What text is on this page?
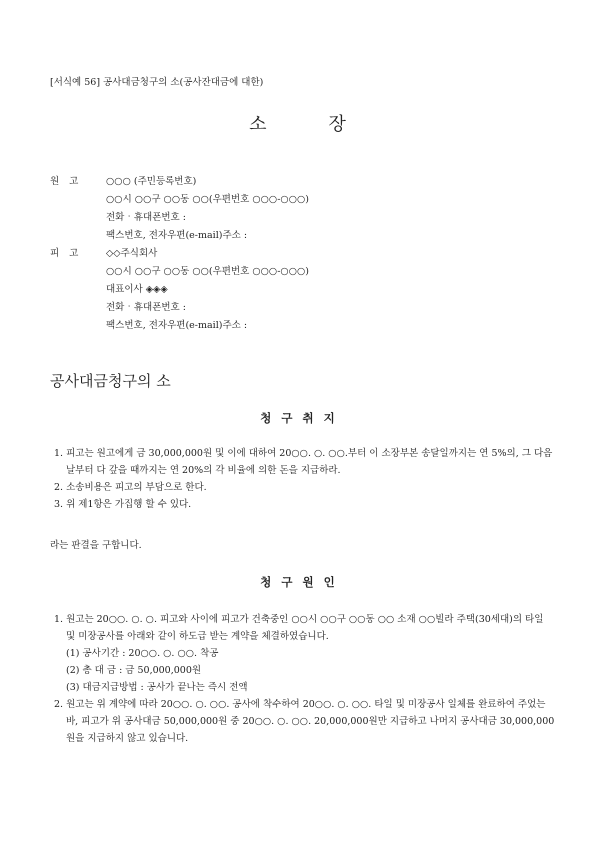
[서식예 56] 공사대금청구의 소(공사잔대금에 대한)
소장
원고 ○○○ (주민등록번호)
○○시 ○○구 ○○동 ○○(우편번호 ○○○-○○○)
전화‧휴대폰번호 :
팩스번호, 전자우편(e-mail)주소 :
피고 ◇◇주식회사
○○시 ○○구 ○○동 ○○(우편번호 ○○○-○○○)
대표이사 ◈◈◈
전화‧휴대폰번호 :
팩스번호, 전자우편(e-mail)주소 :
공사대금청구의 소
청구취지
1. 피고는 원고에게 금 30,000,000원 및 이에 대하여 20○○. ○. ○○.부터 이 소장부본 송달일까지는 연 5%의, 그 다음날부터 다 갚을 때까지는 연 20%의 각 비율에 의한 돈을 지급하라.
2. 소송비용은 피고의 부담으로 한다.
3. 위 제1항은 가집행 할 수 있다.
라는 판결을 구합니다.
청구원인
1. 원고는 20○○. ○. ○. 피고와 사이에 피고가 건축중인 ○○시 ○○구 ○○동 ○○ 소재 ○○빌라 주택(30세대)의 타일 및 미장공사를 아래와 같이 하도급 받는 계약을 체결하였습니다.
(1) 공사기간 : 20○○. ○. ○○. 착공
(2) 총 대 금 : 금 50,000,000원
(3) 대금지급방법 : 공사가 끝나는 즉시 전액
2. 원고는 위 계약에 따라 20○○. ○. ○○. 공사에 착수하여 20○○. ○. ○○. 타일 및 미장공사 일체를 완료하여 주었는바, 피고가 위 공사대금 50,000,000원 중 20○○. ○. ○○. 20,000,000원만 지급하고 나머지 공사대금 30,000,000원을 지급하지 않고 있습니다.
